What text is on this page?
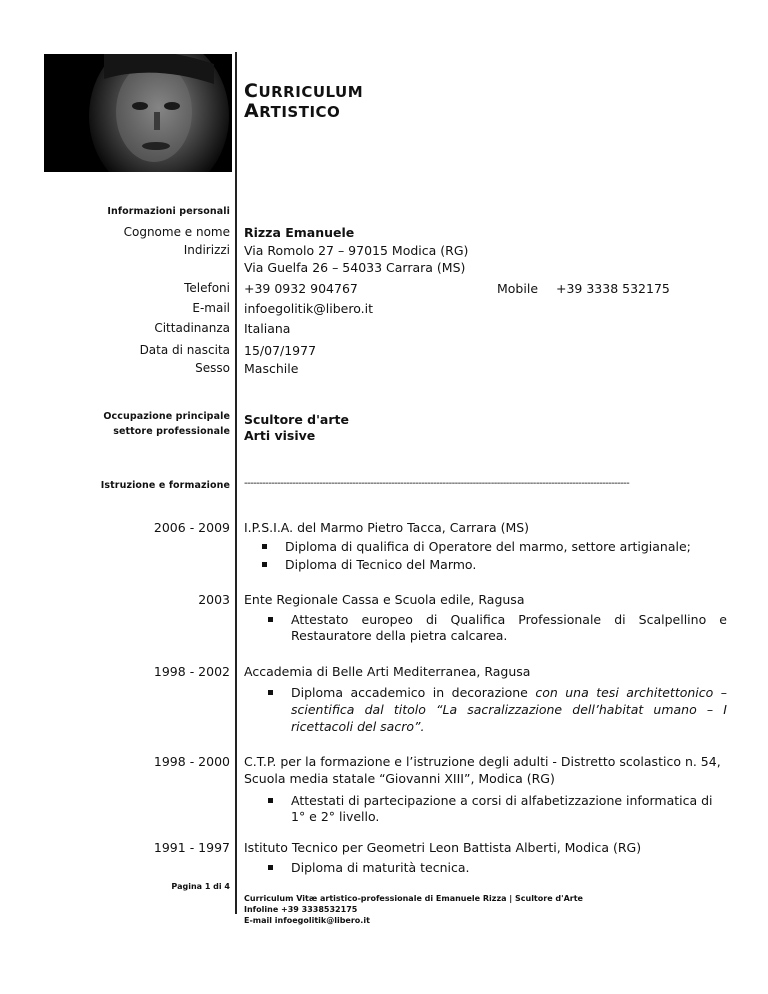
CURRICULUM
ARTISTICO
Informazioni personali
Cognome e nome Rizza Emanuele
Indirizzi Via Romolo 27 – 97015 Modica (RG)
Via Guelfa 26 – 54033 Carrara (MS)
Telefoni +39 0932 904767	Mobile +39 3338 532175
E-mail infoegolitik@libero.it
Cittadinanza Italiana
Data di nascita 15/07/1977
Sesso Maschile
Occupazione principale
settore professionale
Scultore d'arte
Arti visive
Istruzione e formazione --------------------------------------------------------------------------------------------------------------------------------
2006 - 2009 I.P.S.I.A. del Marmo Pietro Tacca, Carrara (MS)
Diploma di qualifica di Operatore del marmo, settore artigianale;
Diploma di Tecnico del Marmo.
2003 Ente Regionale Cassa e Scuola edile, Ragusa
Attestato europeo di Qualifica Professionale di Scalpellino e Restauratore della pietra calcarea.
1998 - 2002 Accademia di Belle Arti Mediterranea, Ragusa
Diploma accademico in decorazione con una tesi architettonico – scientifica dal titolo “La sacralizzazione dell’habitat umano – I ricettacoli del sacro”.
1998 - 2000 C.T.P. per la formazione e l’istruzione degli adulti - Distretto scolastico n. 54,
Scuola media statale “Giovanni XIII”, Modica (RG)
Attestati di partecipazione a corsi di alfabetizzazione informatica di 1° e 2° livello.
1991 - 1997 Istituto Tecnico per Geometri Leon Battista Alberti, Modica (RG)
Diploma di maturità tecnica.
Pagina 1 di 4
Curriculum Vitæ artistico-professionale di Emanuele Rizza | Scultore d'Arte
Infoline +39 3338532175
E-mail infoegolitik@libero.it
